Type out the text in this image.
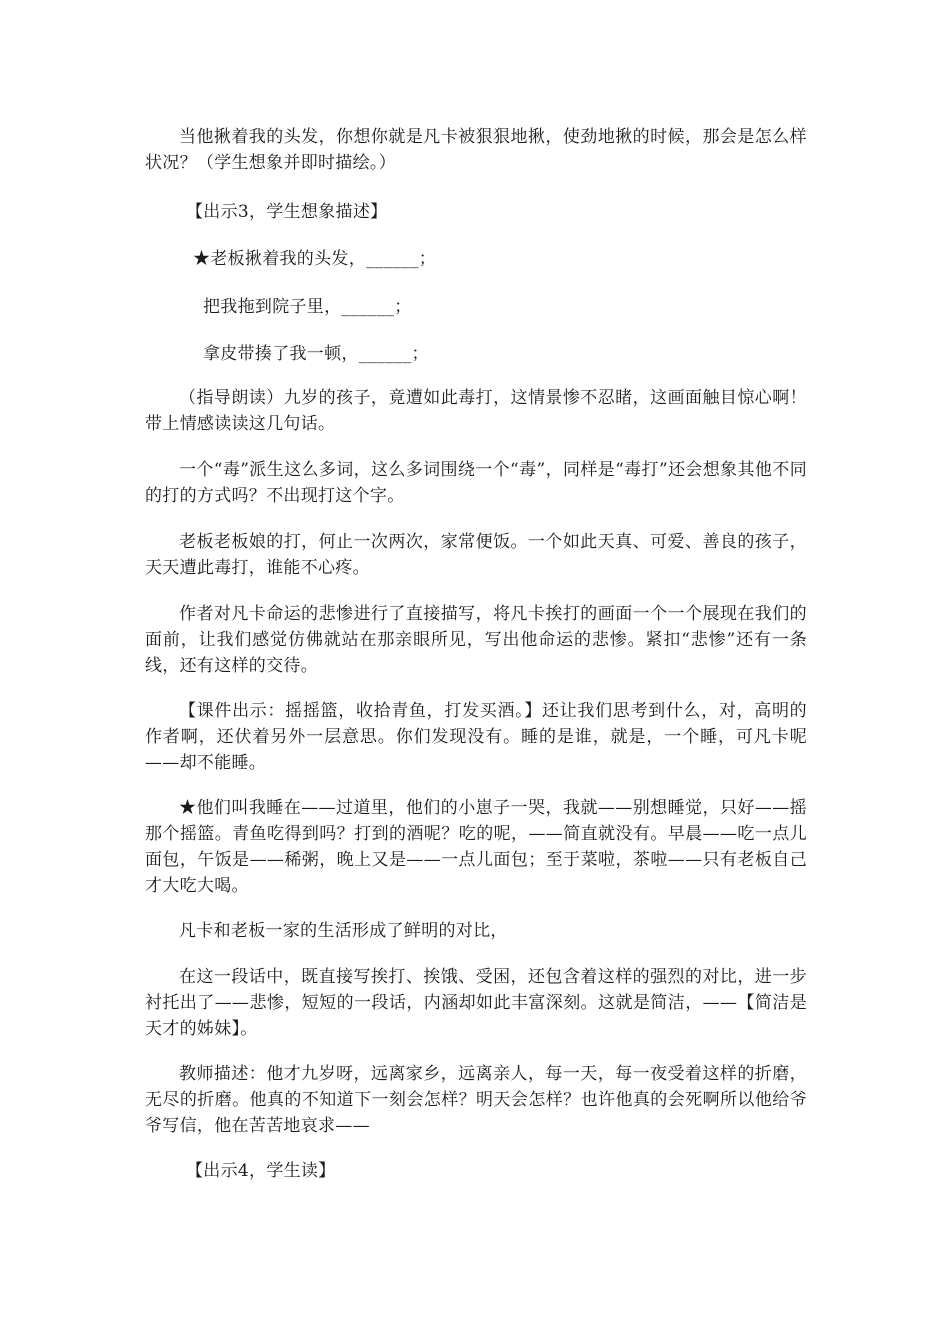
当他揪着我的头发，你想你就是凡卡被狠狠地揪，使劲地揪的时候，那会是怎么样状况？（学生想象并即时描绘。）

【出示3，学生想象描述】

★老板揪着我的头发，______；

把我拖到院子里，______；

拿皮带揍了我一顿，______；

（指导朗读）九岁的孩子，竟遭如此毒打，这情景惨不忍睹，这画面触目惊心啊！带上情感读读这几句话。

一个“毒”派生这么多词，这么多词围绕一个“毒”，同样是“毒打”还会想象其他不同的打的方式吗？不出现打这个字。

老板老板娘的打，何止一次两次，家常便饭。一个如此天真、可爱、善良的孩子，天天遭此毒打，谁能不心疼。

作者对凡卡命运的悲惨进行了直接描写，将凡卡挨打的画面一个一个展现在我们的面前，让我们感觉仿佛就站在那亲眼所见，写出他命运的悲惨。紧扣“悲惨”还有一条线，还有这样的交待。

【课件出示：摇摇篮，收拾青鱼，打发买酒。】还让我们思考到什么，对，高明的作者啊，还伏着另外一层意思。你们发现没有。睡的是谁，就是，一个睡，可凡卡呢——却不能睡。

★他们叫我睡在——过道里，他们的小崽子一哭，我就——别想睡觉，只好——摇那个摇篮。青鱼吃得到吗？打到的酒呢？吃的呢，——简直就没有。早晨——吃一点儿面包，午饭是——稀粥，晚上又是——一点儿面包；至于菜啦，茶啦——只有老板自己才大吃大喝。

凡卡和老板一家的生活形成了鲜明的对比，

在这一段话中，既直接写挨打、挨饿、受困，还包含着这样的强烈的对比，进一步衬托出了——悲惨，短短的一段话，内涵却如此丰富深刻。这就是简洁，——【简洁是天才的姊妹】。

教师描述：他才九岁呀，远离家乡，远离亲人，每一天，每一夜受着这样的折磨，无尽的折磨。他真的不知道下一刻会怎样？明天会怎样？也许他真的会死啊所以他给爷爷写信，他在苦苦地哀求——

【出示4，学生读】
